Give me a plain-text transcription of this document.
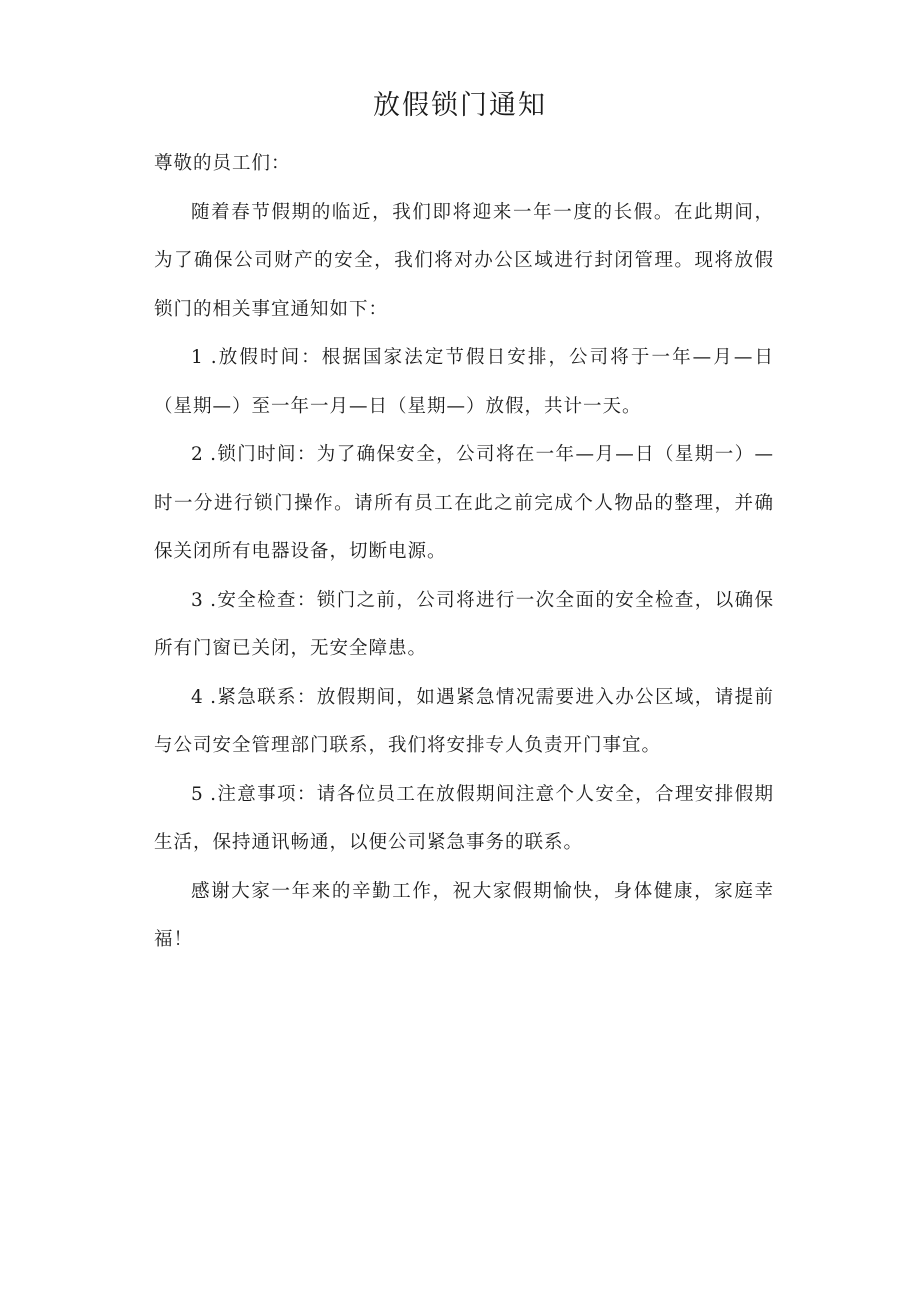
放假锁门通知

尊敬的员工们：

随着春节假期的临近，我们即将迎来一年一度的长假。在此期间，为了确保公司财产的安全，我们将对办公区域进行封闭管理。现将放假锁门的相关事宜通知如下：

1 .放假时间：根据国家法定节假日安排，公司将于一年—月—日（星期—）至一年一月—日（星期—）放假，共计一天。

2 .锁门时间：为了确保安全，公司将在一年—月—日（星期一）—时一分进行锁门操作。请所有员工在此之前完成个人物品的整理，并确保关闭所有电器设备，切断电源。

3 .安全检查：锁门之前，公司将进行一次全面的安全检查，以确保所有门窗已关闭，无安全障患。

4 .紧急联系：放假期间，如遇紧急情况需要进入办公区域，请提前与公司安全管理部门联系，我们将安排专人负责开门事宜。

5 .注意事项：请各位员工在放假期间注意个人安全，合理安排假期生活，保持通讯畅通，以便公司紧急事务的联系。

感谢大家一年来的辛勤工作，祝大家假期愉快，身体健康，家庭幸福！
